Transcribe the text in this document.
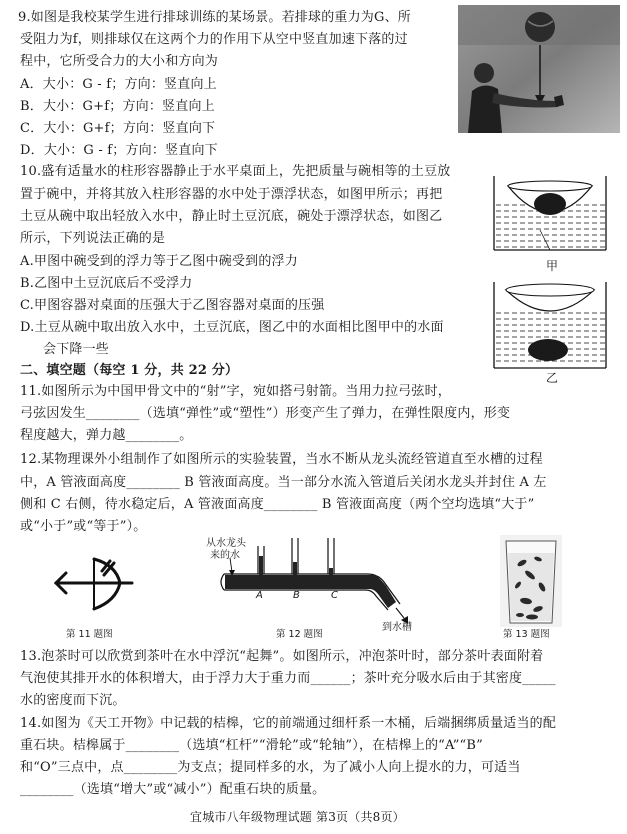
9.如图是我校某学生进行排球训练的某场景。若排球的重力为G、所
受阻力为f，则排球仅在这两个力的作用下从空中竖直加速下落的过
程中，它所受合力的大小和方向为
A．大小：G - f；方向：竖直向上
B．大小：G+f；方向：竖直向上
C．大小：G+f；方向：竖直向下
D．大小：G - f；方向：竖直向下
10.盛有适量水的柱形容器静止于水平桌面上，先把质量与碗相等的土豆放
置于碗中，并将其放入柱形容器的水中处于漂浮状态，如图甲所示；再把
土豆从碗中取出轻放入水中，静止时土豆沉底，碗处于漂浮状态，如图乙
所示，下列说法正确的是
A.甲图中碗受到的浮力等于乙图中碗受到的浮力
B.乙图中土豆沉底后不受浮力
C.甲图容器对桌面的压强大于乙图容器对桌面的压强
D.土豆从碗中取出放入水中，土豆沉底，图乙中的水面相比图甲中的水面
会下降一些
甲
乙
二、填空题（每空 1 分，共 22 分）
11.如图所示为中国甲骨文中的“射”字，宛如搭弓射箭。当用力拉弓弦时，
弓弦因发生________（选填“弹性”或“塑性”）形变产生了弹力，在弹性限度内，形变
程度越大，弹力越________。
12.某物理课外小组制作了如图所示的实验装置，当水不断从龙头流经管道直至水槽的过程
中，A 管液面高度________ B 管液面高度。当一部分水流入管道后关闭水龙头并封住 A 左
侧和 C 右侧，待水稳定后，A 管液面高度________ B 管液面高度（两个空均选填“大于”
或“小于”或“等于”）。
从水龙头
来的水
A	B	C
到水槽
第 11 题图	第 12 题图	第 13 题图
13.泡茶时可以欣赏到茶叶在水中浮沉“起舞”。如图所示，冲泡茶叶时，部分茶叶表面附着
气泡使其排开水的体积增大，由于浮力大于重力而______；茶叶充分吸水后由于其密度_____
水的密度而下沉。
14.如图为《天工开物》中记载的桔槔，它的前端通过细杆系一木桶，后端捆绑质量适当的配
重石块。桔槔属于________（选填“杠杆”“滑轮”或“轮轴”），在桔槔上的“A”“B”
和“O”三点中，点________为支点；提同样多的水，为了减小人向上提水的力，可适当
________（选填“增大”或“减小”）配重石块的质量。
宜城市八年级物理试题 第3页（共8页）
